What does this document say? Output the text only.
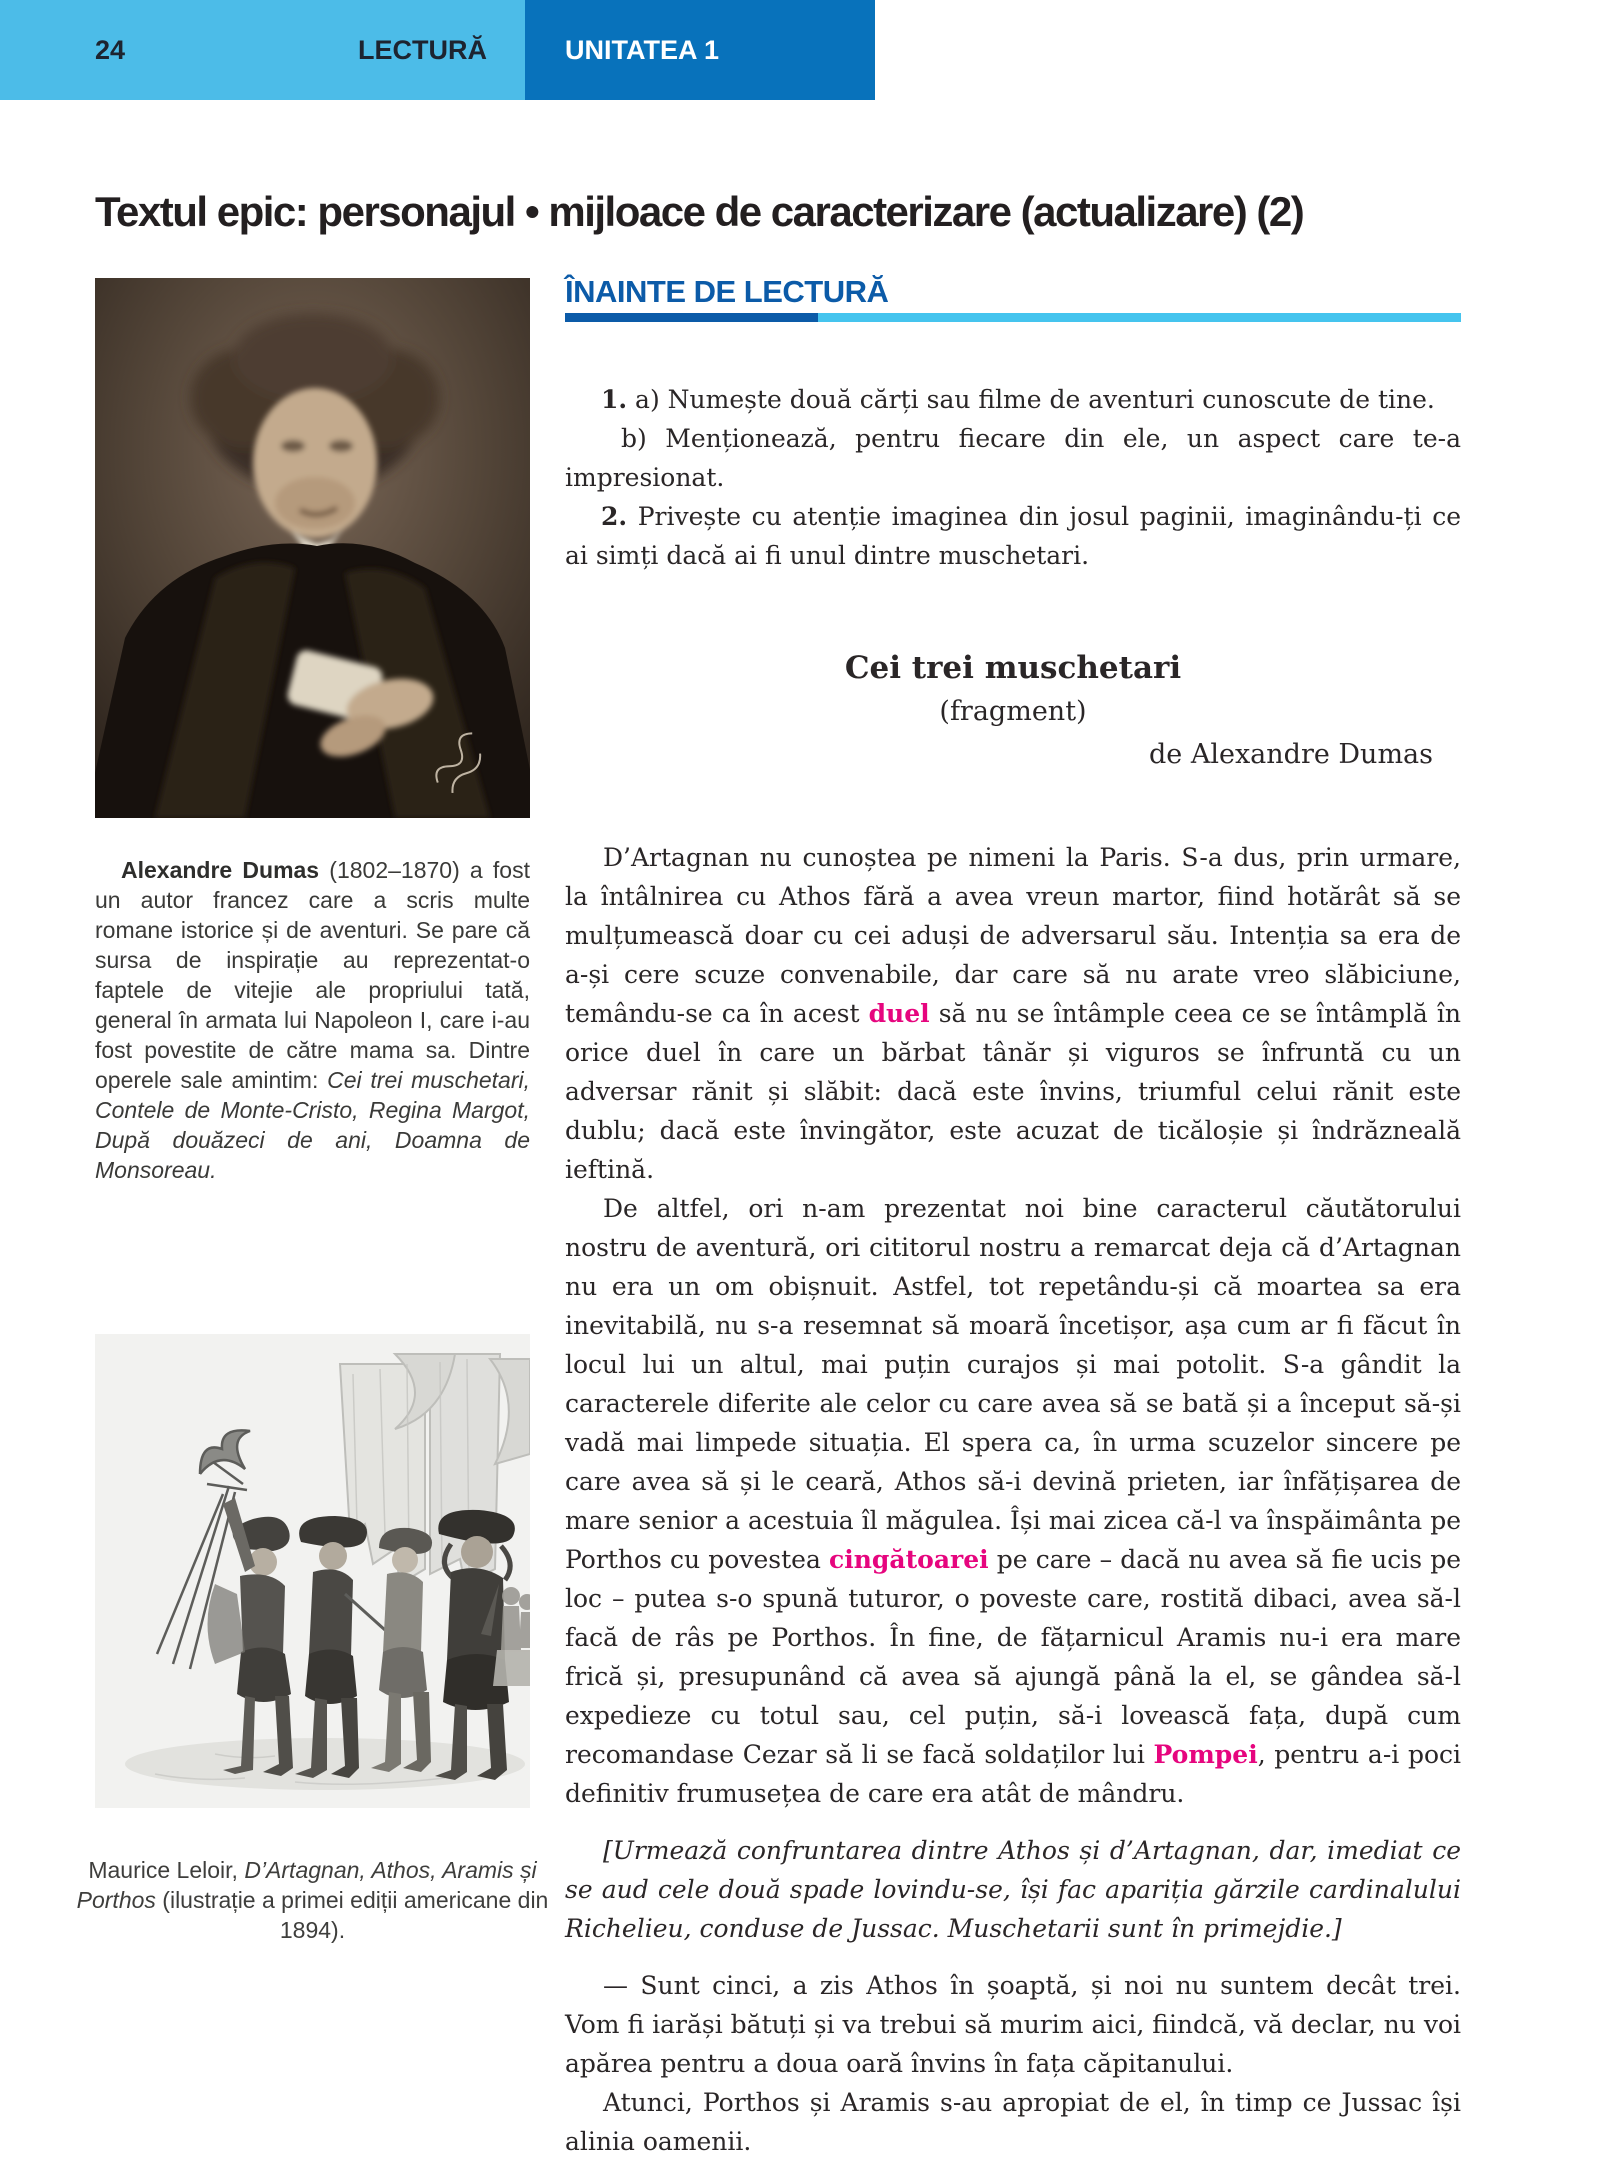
24	LECTURĂ	UNITATEA 1
Textul epic: personajul • mijloace de caracterizare (actualizare) (2)

Alexandre Dumas (1802–1870) a fost un autor francez care a scris multe romane istorice și de aventuri. Se pare că sursa de inspirație au reprezentat-o faptele de vitejie ale propriului tată, general în armata lui Napoleon I, care i-au fost povestite de către mama sa. Dintre operele sale amintim: Cei trei muschetari, Contele de Monte-Cristo, Regina Margot, După douăzeci de ani, Doamna de Monsoreau.

Maurice Leloir, D’Artagnan, Athos, Aramis și Porthos (ilustrație a primei ediții americane din 1894).

ÎNAINTE DE LECTURĂ

1. a) Numește două cărți sau filme de aventuri cunoscute de tine.

b) Menționează, pentru fiecare din ele, un aspect care te-a impresionat.

2. Privește cu atenție imaginea din josul paginii, imaginându-ți ce ai simți dacă ai fi unul dintre muschetari.

Cei trei muschetari

(fragment)

de Alexandre Dumas

D’Artagnan nu cunoștea pe nimeni la Paris. S-a dus, prin urmare, la întâlnirea cu Athos fără a avea vreun martor, fiind hotărât să se mulțumească doar cu cei aduși de adversarul său. Intenția sa era de a-și cere scuze convenabile, dar care să nu arate vreo slăbiciune, temându-se ca în acest duel să nu se întâmple ceea ce se întâmplă în orice duel în care un bărbat tânăr și viguros se înfruntă cu un adversar rănit și slăbit: dacă este învins, triumful celui rănit este dublu; dacă este învingător, este acuzat de ticăloșie și îndrăzneală ieftină.

De altfel, ori n-am prezentat noi bine caracterul căutătorului nostru de aventură, ori cititorul nostru a remarcat deja că d’Artagnan nu era un om obișnuit. Astfel, tot repetându-și că moartea sa era inevitabilă, nu s-a resemnat să moară încetișor, așa cum ar fi făcut în locul lui un altul, mai puțin curajos și mai potolit. S-a gândit la caracterele diferite ale celor cu care avea să se bată și a început să-și vadă mai limpede situația. El spera ca, în urma scuzelor sincere pe care avea să și le ceară, Athos să-i devină prieten, iar înfățișarea de mare senior a acestuia îl măgulea. Își mai zicea că-l va înspăimânta pe Porthos cu povestea cingătoarei pe care – dacă nu avea să fie ucis pe loc – putea s-o spună tuturor, o poveste care, rostită dibaci, avea să-l facă de râs pe Porthos. În fine, de fățarnicul Aramis nu-i era mare frică și, presupunând că avea să ajungă până la el, se gândea să-l expedieze cu totul sau, cel puțin, să-i lovească fața, după cum recomandase Cezar să li se facă soldaților lui Pompei, pentru a-i poci definitiv frumusețea de care era atât de mândru.

[Urmează confruntarea dintre Athos și d’Artagnan, dar, imediat ce se aud cele două spade lovindu-se, își fac apariția gărzile cardinalului Richelieu, conduse de Jussac. Muschetarii sunt în primejdie.]

— Sunt cinci, a zis Athos în șoaptă, și noi nu suntem decât trei. Vom fi iarăși bătuți și va trebui să murim aici, fiindcă, vă declar, nu voi apărea pentru a doua oară învins în fața căpitanului.

Atunci, Porthos și Aramis s-au apropiat de el, în timp ce Jussac își alinia oamenii.
